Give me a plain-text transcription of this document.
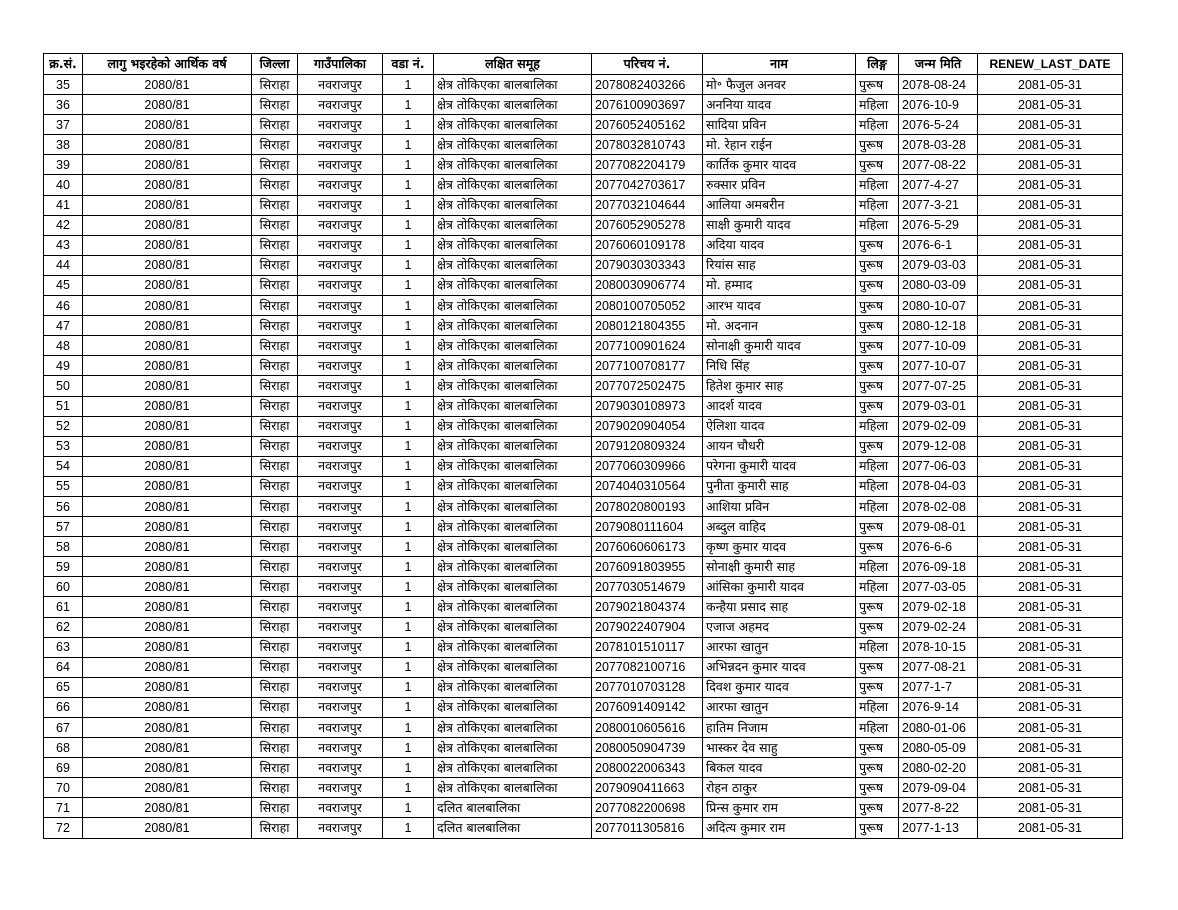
क्र.सं.	लागु भइरहेको आर्थिक वर्ष	जिल्ला	गाउँपालिका	वडा नं.	लक्षित समूह	परिचय नं.	नाम	लिङ्ग	जन्म मिति	RENEW_LAST_DATE
35	2080/81	सिराहा	नवराजपुर	1	क्षेत्र तोकिएका बालबालिका	2078082403266	मो॰ फैजुल अनवर	पुरूष	2078-08-24	2081-05-31
36	2080/81	सिराहा	नवराजपुर	1	क्षेत्र तोकिएका बालबालिका	2076100903697	अननिया यादव	महिला	2076-10-9	2081-05-31
37	2080/81	सिराहा	नवराजपुर	1	क्षेत्र तोकिएका बालबालिका	2076052405162	सादिया प्रविन	महिला	2076-5-24	2081-05-31
38	2080/81	सिराहा	नवराजपुर	1	क्षेत्र तोकिएका बालबालिका	2078032810743	मो. रेहान राईन	पुरूष	2078-03-28	2081-05-31
39	2080/81	सिराहा	नवराजपुर	1	क्षेत्र तोकिएका बालबालिका	2077082204179	कार्तिक कुमार यादव	पुरूष	2077-08-22	2081-05-31
40	2080/81	सिराहा	नवराजपुर	1	क्षेत्र तोकिएका बालबालिका	2077042703617	रुक्सार प्रविन	महिला	2077-4-27	2081-05-31
41	2080/81	सिराहा	नवराजपुर	1	क्षेत्र तोकिएका बालबालिका	2077032104644	आलिया अमबरीन	महिला	2077-3-21	2081-05-31
42	2080/81	सिराहा	नवराजपुर	1	क्षेत्र तोकिएका बालबालिका	2076052905278	साक्षी कुमारी यादव	महिला	2076-5-29	2081-05-31
43	2080/81	सिराहा	नवराजपुर	1	क्षेत्र तोकिएका बालबालिका	2076060109178	अदिया यादव	पुरूष	2076-6-1	2081-05-31
44	2080/81	सिराहा	नवराजपुर	1	क्षेत्र तोकिएका बालबालिका	2079030303343	रियांस साह	पुरूष	2079-03-03	2081-05-31
45	2080/81	सिराहा	नवराजपुर	1	क्षेत्र तोकिएका बालबालिका	2080030906774	मो. हम्माद	पुरूष	2080-03-09	2081-05-31
46	2080/81	सिराहा	नवराजपुर	1	क्षेत्र तोकिएका बालबालिका	2080100705052	आरभ यादव	पुरूष	2080-10-07	2081-05-31
47	2080/81	सिराहा	नवराजपुर	1	क्षेत्र तोकिएका बालबालिका	2080121804355	मो. अदनान	पुरूष	2080-12-18	2081-05-31
48	2080/81	सिराहा	नवराजपुर	1	क्षेत्र तोकिएका बालबालिका	2077100901624	सोनाक्षी कुमारी यादव	पुरूष	2077-10-09	2081-05-31
49	2080/81	सिराहा	नवराजपुर	1	क्षेत्र तोकिएका बालबालिका	2077100708177	निधि सिंह	पुरूष	2077-10-07	2081-05-31
50	2080/81	सिराहा	नवराजपुर	1	क्षेत्र तोकिएका बालबालिका	2077072502475	हितेश कुमार साह	पुरूष	2077-07-25	2081-05-31
51	2080/81	सिराहा	नवराजपुर	1	क्षेत्र तोकिएका बालबालिका	2079030108973	आदर्श यादव	पुरूष	2079-03-01	2081-05-31
52	2080/81	सिराहा	नवराजपुर	1	क्षेत्र तोकिएका बालबालिका	2079020904054	ऐलिशा यादव	महिला	2079-02-09	2081-05-31
53	2080/81	सिराहा	नवराजपुर	1	क्षेत्र तोकिएका बालबालिका	2079120809324	आयन चौधरी	पुरूष	2079-12-08	2081-05-31
54	2080/81	सिराहा	नवराजपुर	1	क्षेत्र तोकिएका बालबालिका	2077060309966	परेगना कुमारी यादव	महिला	2077-06-03	2081-05-31
55	2080/81	सिराहा	नवराजपुर	1	क्षेत्र तोकिएका बालबालिका	2074040310564	पुनीता कुमारी साह	महिला	2078-04-03	2081-05-31
56	2080/81	सिराहा	नवराजपुर	1	क्षेत्र तोकिएका बालबालिका	2078020800193	आशिया प्रविन	महिला	2078-02-08	2081-05-31
57	2080/81	सिराहा	नवराजपुर	1	क्षेत्र तोकिएका बालबालिका	2079080111604	अब्दुल वाहिद	पुरूष	2079-08-01	2081-05-31
58	2080/81	सिराहा	नवराजपुर	1	क्षेत्र तोकिएका बालबालिका	2076060606173	कृष्ण कुमार यादव	पुरूष	2076-6-6	2081-05-31
59	2080/81	सिराहा	नवराजपुर	1	क्षेत्र तोकिएका बालबालिका	2076091803955	सोनाक्षी कुमारी साह	महिला	2076-09-18	2081-05-31
60	2080/81	सिराहा	नवराजपुर	1	क्षेत्र तोकिएका बालबालिका	2077030514679	आंसिका कुमारी यादव	महिला	2077-03-05	2081-05-31
61	2080/81	सिराहा	नवराजपुर	1	क्षेत्र तोकिएका बालबालिका	2079021804374	कन्हैया प्रसाद साह	पुरूष	2079-02-18	2081-05-31
62	2080/81	सिराहा	नवराजपुर	1	क्षेत्र तोकिएका बालबालिका	2079022407904	एजाज अहमद	पुरूष	2079-02-24	2081-05-31
63	2080/81	सिराहा	नवराजपुर	1	क्षेत्र तोकिएका बालबालिका	2078101510117	आरफा खातुन	महिला	2078-10-15	2081-05-31
64	2080/81	सिराहा	नवराजपुर	1	क्षेत्र तोकिएका बालबालिका	2077082100716	अभिन्नदन कुमार यादव	पुरूष	2077-08-21	2081-05-31
65	2080/81	सिराहा	नवराजपुर	1	क्षेत्र तोकिएका बालबालिका	2077010703128	दिवश कुमार यादव	पुरूष	2077-1-7	2081-05-31
66	2080/81	सिराहा	नवराजपुर	1	क्षेत्र तोकिएका बालबालिका	2076091409142	आरफा खातुन	महिला	2076-9-14	2081-05-31
67	2080/81	सिराहा	नवराजपुर	1	क्षेत्र तोकिएका बालबालिका	2080010605616	हातिम निजाम	महिला	2080-01-06	2081-05-31
68	2080/81	सिराहा	नवराजपुर	1	क्षेत्र तोकिएका बालबालिका	2080050904739	भास्कर देव साहु	पुरूष	2080-05-09	2081-05-31
69	2080/81	सिराहा	नवराजपुर	1	क्षेत्र तोकिएका बालबालिका	2080022006343	बिकल यादव	पुरूष	2080-02-20	2081-05-31
70	2080/81	सिराहा	नवराजपुर	1	क्षेत्र तोकिएका बालबालिका	2079090411663	रोहन ठाकुर	पुरूष	2079-09-04	2081-05-31
71	2080/81	सिराहा	नवराजपुर	1	दलित बालबालिका	2077082200698	प्रिन्स कुमार राम	पुरूष	2077-8-22	2081-05-31
72	2080/81	सिराहा	नवराजपुर	1	दलित बालबालिका	2077011305816	अदित्य कुमार राम	पुरूष	2077-1-13	2081-05-31
